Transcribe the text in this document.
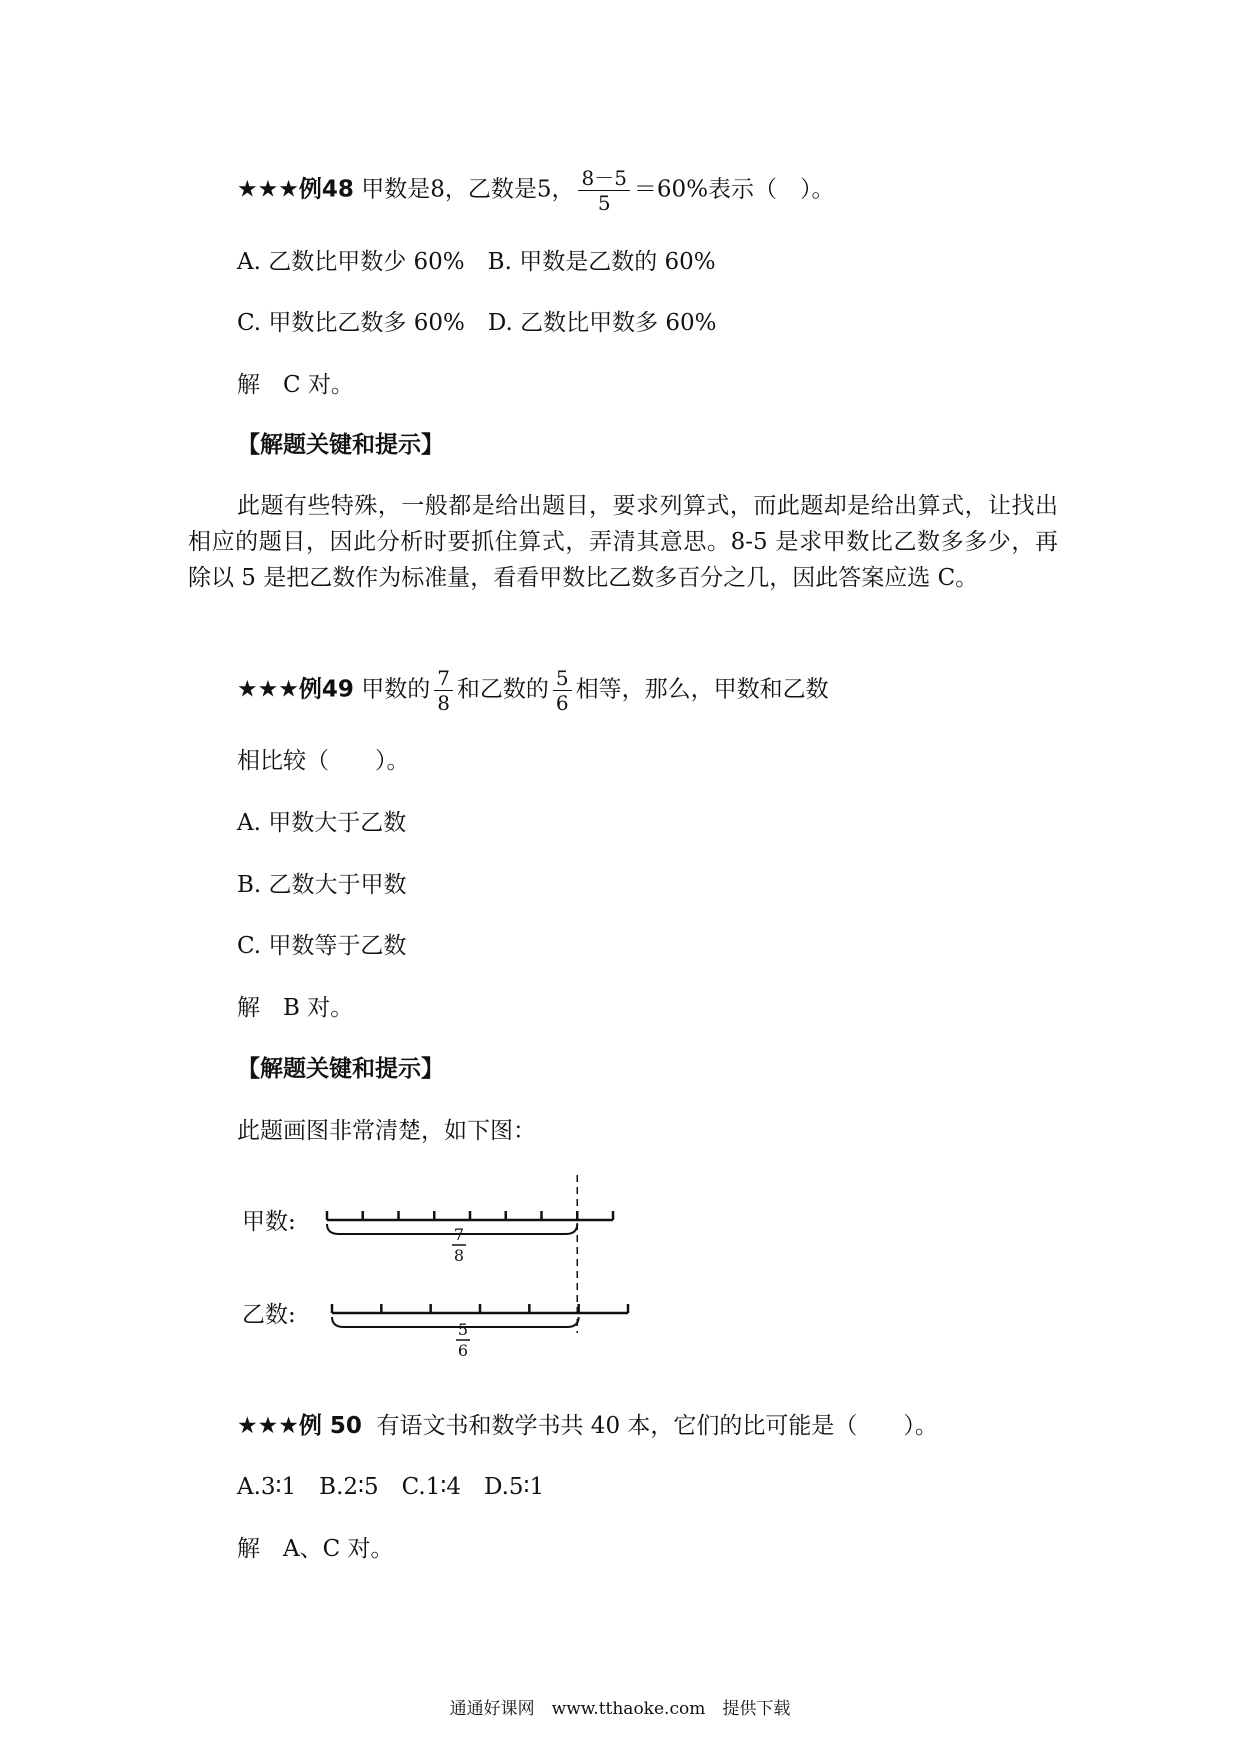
★★★例48 甲数是8，乙数是5， $\frac{8-5}{5} =60\%$表示（　）。
A. 乙数比甲数少 60%　 B. 甲数是乙数的 60%
C. 甲数比乙数多 60%　 D. 乙数比甲数多 60%
解　C 对。
【解题关键和提示】
此题有些特殊，一般都是给出题目，要求列算式，而此题却是给出算式，让找出相应的题目，因此分析时要抓住算式，弄清其意思。8-5 是求甲数比乙数多多少，再除以 5 是把乙数作为标准量，看看甲数比乙数多百分之几，因此答案应选 C。
★★★例49 甲数的 $\frac{7}{8}$ 和乙数的 $\frac{5}{6}$ 相等，那么，甲数和乙数
相比较（　　）。
A. 甲数大于乙数
B. 乙数大于甲数
C. 甲数等于乙数
解　B 对。
【解题关键和提示】
此题画图非常清楚，如下图：
甲数:
乙数:
7
8
5
6
★★★例 50 有语文书和数学书共 40 本，它们的比可能是（　　）。
A.3∶1　B.2∶5　C.1∶4　D.5∶1
解　A、C 对。
通通好课网　www.tthaoke.com　提供下载
